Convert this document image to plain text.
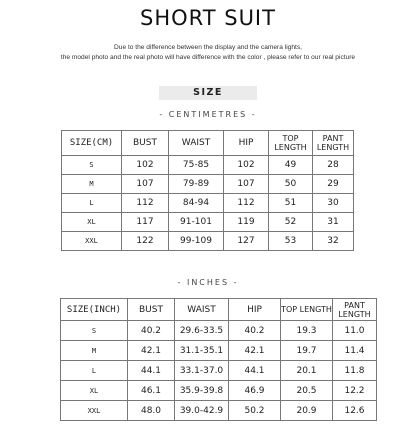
SHORT SUIT
Due to the difference between the display and the camera lights,
the model photo and the real photo will have difference with the color , please refer to our real picture
SIZE
- CENTIMETRES -
SIZE(CM)	BUST	WAIST	HIP	TOP LENGTH	PANT LENGTH
S	102	75-85	102	49	28
M	107	79-89	107	50	29
L	112	84-94	112	51	30
XL	117	91-101	119	52	31
XXL	122	99-109	127	53	32
- INCHES -
SIZE(INCH)	BUST	WAIST	HIP	TOP LENGTH	PANT LENGTH
S	40.2	29.6-33.5	40.2	19.3	11.0
M	42.1	31.1-35.1	42.1	19.7	11.4
L	44.1	33.1-37.0	44.1	20.1	11.8
XL	46.1	35.9-39.8	46.9	20.5	12.2
XXL	48.0	39.0-42.9	50.2	20.9	12.6
